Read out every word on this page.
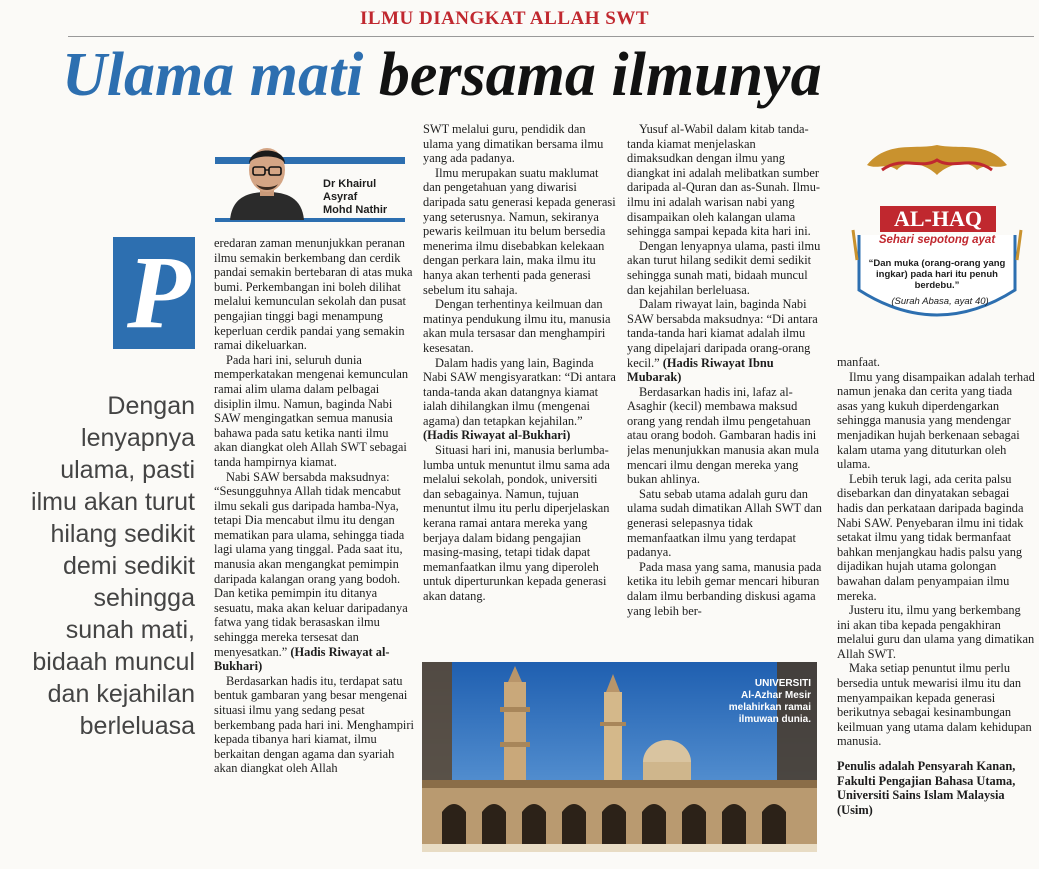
ILMU DIANGKAT ALLAH SWT
Ulama mati bersama ilmunya
Dr Khairul Asyraf
Mohd Nathir
P
Dengan lenyapnya ulama, pasti ilmu akan turut hilang sedikit demi sedikit sehingga sunah mati, bidaah muncul dan kejahilan berleluasa

eredaran zaman menunjukkan peranan ilmu semakin berkembang dan cerdik pandai semakin bertebaran di atas muka bumi. Perkembangan ini boleh dilihat melalui kemunculan sekolah dan pusat pengajian tinggi bagi menampung keperluan cerdik pandai yang semakin ramai dikeluarkan.

Pada hari ini, seluruh dunia memperkatakan mengenai kemunculan ramai alim ulama dalam pelbagai disiplin ilmu. Namun, baginda Nabi SAW mengingatkan semua manusia bahawa pada satu ketika nanti ilmu akan diangkat oleh Allah SWT sebagai tanda hampirnya kiamat.

Nabi SAW bersabda maksudnya: “Sesungguhnya Allah tidak mencabut ilmu sekali gus daripada hamba-Nya, tetapi Dia mencabut ilmu itu dengan mematikan para ulama, sehingga tiada lagi ulama yang tinggal. Pada saat itu, manusia akan mengangkat pemimpin daripada kalangan orang yang bodoh. Dan ketika pemimpin itu ditanya sesuatu, maka akan keluar daripadanya fatwa yang tidak berasaskan ilmu sehingga mereka tersesat dan menyesatkan.” (Hadis Riwayat al-Bukhari)

Berdasarkan hadis itu, terdapat satu bentuk gambaran yang besar mengenai situasi ilmu yang sedang pesat berkembang pada hari ini. Menghampiri kepada tibanya hari kiamat, ilmu berkaitan dengan agama dan syariah akan diangkat oleh Allah

SWT melalui guru, pendidik dan ulama yang dimatikan bersama ilmu yang ada padanya.

Ilmu merupakan suatu maklumat dan pengetahuan yang diwarisi daripada satu generasi kepada generasi yang seterusnya. Namun, sekiranya pewaris keilmuan itu belum bersedia menerima ilmu disebabkan kelekaan dengan perkara lain, maka ilmu itu hanya akan terhenti pada generasi sebelum itu sahaja.

Dengan terhentinya keilmuan dan matinya pendukung ilmu itu, manusia akan mula tersasar dan menghampiri kesesatan.

Dalam hadis yang lain, Baginda Nabi SAW mengisyaratkan: “Di antara tanda-tanda akan datangnya kiamat ialah dihilangkan ilmu (mengenai agama) dan tetapkan kejahilan.” (Hadis Riwayat al-Bukhari)

Situasi hari ini, manusia berlumba-lumba untuk menuntut ilmu sama ada melalui sekolah, pondok, universiti dan sebagainya. Namun, tujuan menuntut ilmu itu perlu diperjelaskan kerana ramai antara mereka yang berjaya dalam bidang pengajian masing-masing, tetapi tidak dapat memanfaatkan ilmu yang diperoleh untuk diperturunkan kepada generasi akan datang.

Yusuf al-Wabil dalam kitab tanda-tanda kiamat menjelaskan dimaksudkan dengan ilmu yang diangkat ini adalah melibatkan sumber daripada al-Quran dan as-Sunah. Ilmu-ilmu ini adalah warisan nabi yang disampaikan oleh kalangan ulama sehingga sampai kepada kita hari ini.

Dengan lenyapnya ulama, pasti ilmu akan turut hilang sedikit demi sedikit sehingga sunah mati, bidaah muncul dan kejahilan berleluasa.

Dalam riwayat lain, baginda Nabi SAW bersabda maksudnya: “Di antara tanda-tanda hari kiamat adalah ilmu yang dipelajari daripada orang-orang kecil.” (Hadis Riwayat Ibnu Mubarak)

Berdasarkan hadis ini, lafaz al-Asaghir (kecil) membawa maksud orang yang rendah ilmu pengetahuan atau orang bodoh. Gambaran hadis ini jelas menunjukkan manusia akan mula mencari ilmu dengan mereka yang bukan ahlinya.

Satu sebab utama adalah guru dan ulama sudah dimatikan Allah SWT dan generasi selepasnya tidak memanfaatkan ilmu yang terdapat padanya.

Pada masa yang sama, manusia pada ketika itu lebih gemar mencari hiburan dalam ilmu berbanding diskusi agama yang lebih ber-

manfaat.

Ilmu yang disampaikan adalah terhad namun jenaka dan cerita yang tiada asas yang kukuh diperdengarkan sehingga manusia yang mendengar menjadikan hujah berkenaan sebagai kalam utama yang dituturkan oleh ulama.

Lebih teruk lagi, ada cerita palsu disebarkan dan dinyatakan sebagai hadis dan perkataan daripada baginda Nabi SAW. Penyebaran ilmu ini tidak setakat ilmu yang tidak bermanfaat bahkan menjangkau hadis palsu yang dijadikan hujah utama golongan bawahan dalam penyampaian ilmu mereka.

Justeru itu, ilmu yang berkembang ini akan tiba kepada pengakhiran melalui guru dan ulama yang dimatikan Allah SWT.

Maka setiap penuntut ilmu perlu bersedia untuk mewarisi ilmu itu dan menyampaikan kepada generasi berikutnya sebagai kesinambungan keilmuan yang utama dalam kehidupan manusia.

Penulis adalah Pensyarah Kanan, Fakulti Pengajian Bahasa Utama, Universiti Sains Islam Malaysia (Usim)

UNIVERSITI
Al-Azhar Mesir melahirkan ramai ilmuwan dunia.
AL-HAQ
Sehari sepotong ayat
“Dan muka (orang-orang yang ingkar) pada hari itu penuh berdebu.”
(Surah Abasa, ayat 40)
